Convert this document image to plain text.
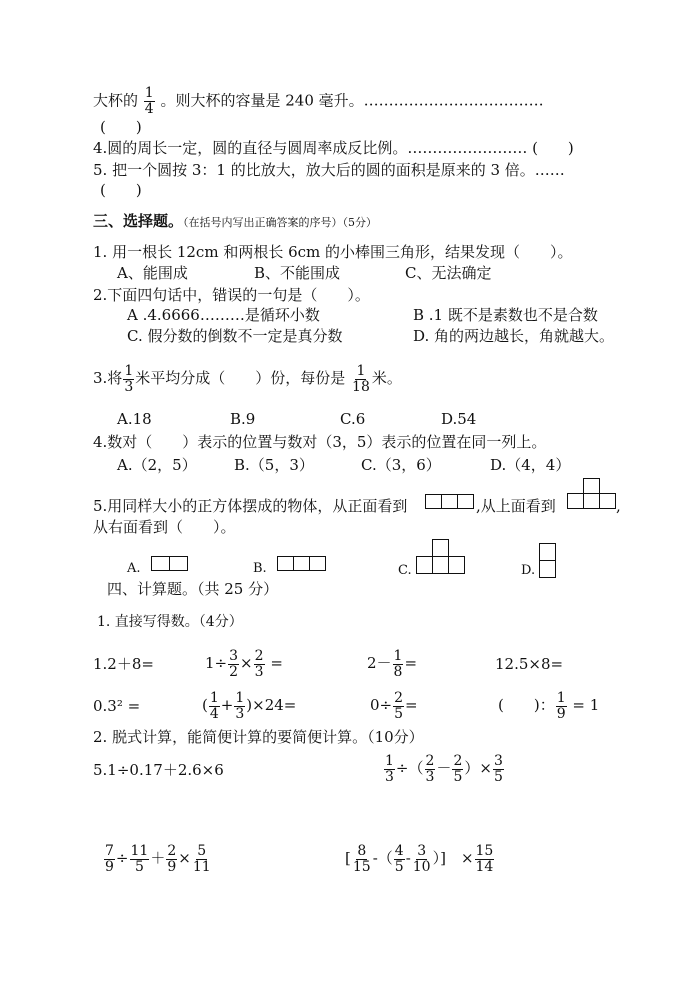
大杯的 $\frac{1}{4}$ 。则大杯的容量是 240 毫升。………………………………
(　　)
4.圆的周长一定，圆的直径与圆周率成反比例。…………………… (　　)
5. 把一个圆按 3：1 的比放大，放大后的圆的面积是原来的 3 倍。……
(　　)
三、选择题。（在括号内写出正确答案的序号）（5分）
1. 用一根长 12cm 和两根长 6cm 的小棒围三角形，结果发现（　　）。
A、能围成	B、不能围成	C、无法确定
2.下面四句话中，错误的一句是（　　）。
A .4.6666………是循环小数	B .1 既不是素数也不是合数
C. 假分数的倒数不一定是真分数	D. 角的两边越长，角就越大。
3.将 $\frac{1}{3}$ 米平均分成（　　）份，每份是 $\frac{1}{18}$ 米。
A.18	B.9	C.6	D.54
4.数对（　　）表示的位置与数对（3，5）表示的位置在同一列上。
A.（2，5） B.（5，3）	C.（3，6）	D.（4，4）
5.用同样大小的正方体摆成的物体，从正面看到	,从上面看到	,
从右面看到（　　）。
A.	B.	C.	D.
四、计算题。（共 25 分）
1. 直接写得数。（4分）
1.2＋8=	$1\div \frac{3}{2} \times \frac{2}{3}$ =	$2- \frac{1}{8}$ =	12.5×8=
0.3² =	( $\frac{1}{4} + \frac{1}{3} )\times 24=$	$0\div \frac{2}{5}$ =	(　　)： $\frac{1}{9} = 1$
2. 脱式计算，能简便计算的要简便计算。（10分）
5.1÷0.17＋2.6×6	$\frac{1}{3}$ ÷（ $\frac{2}{3} - \frac{2}{5}$ ）× $\frac{3}{5}$
$\frac{7}{9} \div \frac{11}{5} + \frac{2}{9} \times \frac{5}{11}$	[ $\frac{8}{15}$ -（ $\frac{4}{5} - \frac{3}{10}$ ）]　× $\frac{15}{14}$
